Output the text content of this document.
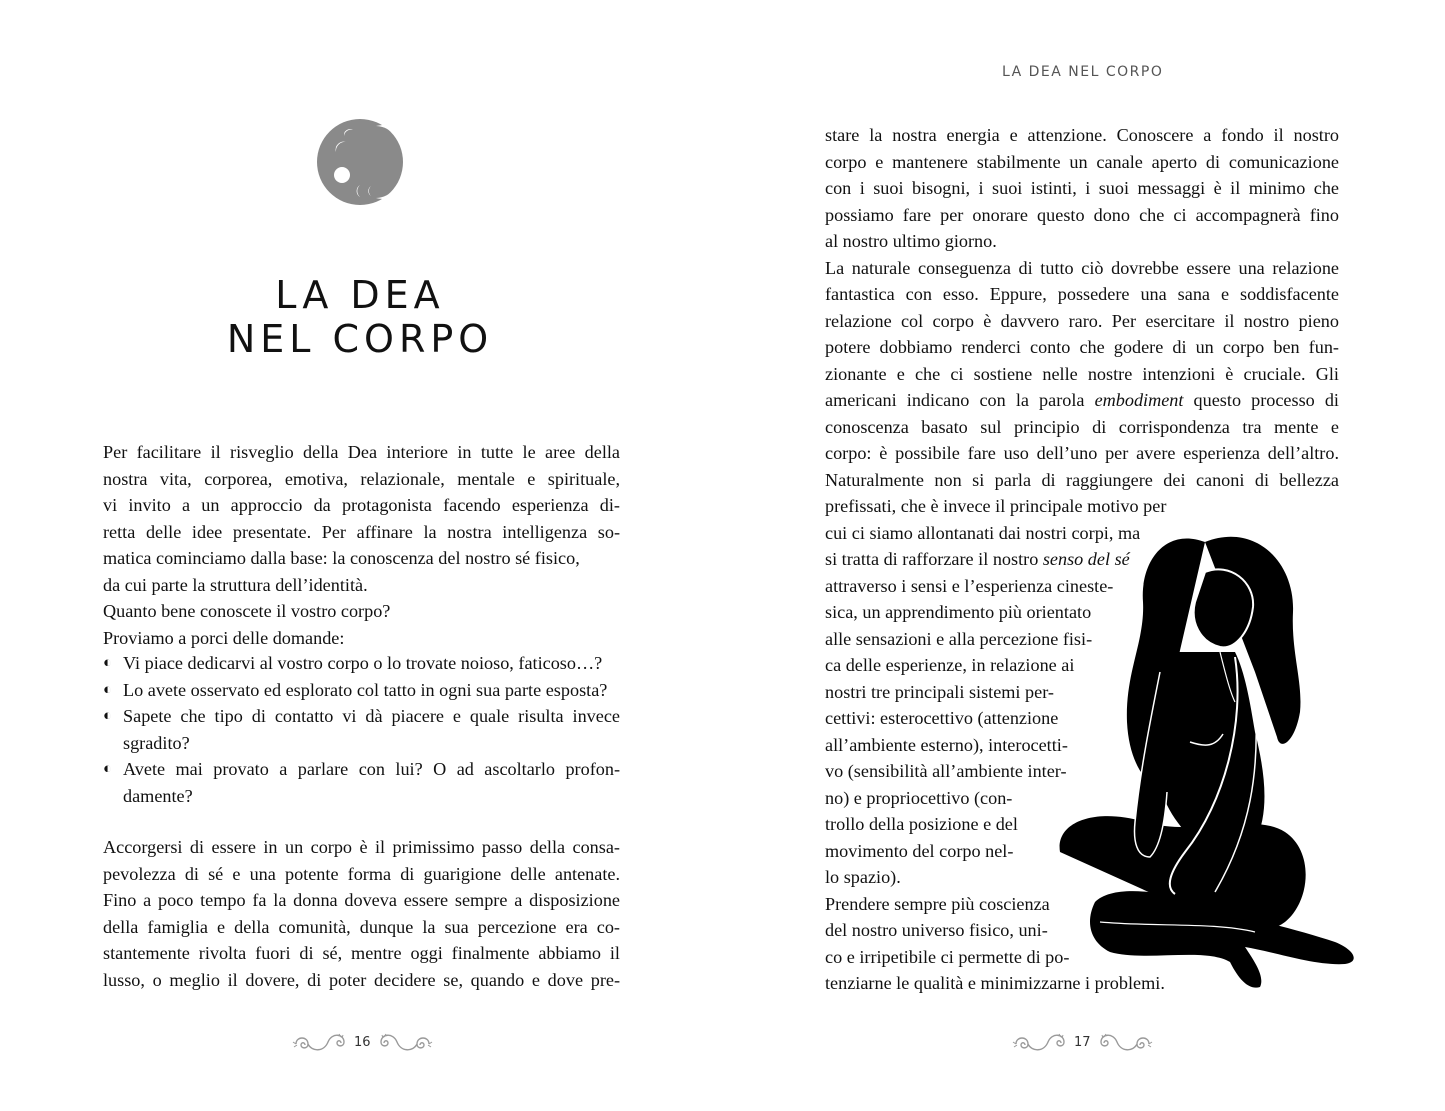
LA DEA
NEL CORPO
Per facilitare il risveglio della Dea interiore in tutte le aree della
nostra vita, corporea, emotiva, relazionale, mentale e spirituale,
vi invito a un approccio da protagonista facendo esperienza di-
retta delle idee presentate. Per affinare la nostra intelligenza so-
matica cominciamo dalla base: la conoscenza del nostro sé fisico,
da cui parte la struttura dell’identità.
Quanto bene conoscete il vostro corpo?
Proviamo a porci delle domande:
◐ Vi piace dedicarvi al vostro corpo o lo trovate noioso, faticoso…?
◐ Lo avete osservato ed esplorato col tatto in ogni sua parte esposta?
◐ Sapete che tipo di contatto vi dà piacere e quale risulta invece
sgradito?
◐ Avete mai provato a parlare con lui? O ad ascoltarlo profon-
damente?
Accorgersi di essere in un corpo è il primissimo passo della consa-
pevolezza di sé e una potente forma di guarigione delle antenate.
Fino a poco tempo fa la donna doveva essere sempre a disposizione
della famiglia e della comunità, dunque la sua percezione era co-
stantemente rivolta fuori di sé, mentre oggi finalmente abbiamo il
lusso, o meglio il dovere, di poter decidere se, quando e dove pre-
16
LA DEA NEL CORPO
stare la nostra energia e attenzione. Conoscere a fondo il nostro
corpo e mantenere stabilmente un canale aperto di comunicazione
con i suoi bisogni, i suoi istinti, i suoi messaggi è il minimo che
possiamo fare per onorare questo dono che ci accompagnerà fino
al nostro ultimo giorno.
La naturale conseguenza di tutto ciò dovrebbe essere una relazione
fantastica con esso. Eppure, possedere una sana e soddisfacente
relazione col corpo è davvero raro. Per esercitare il nostro pieno
potere dobbiamo renderci conto che godere di un corpo ben fun-
zionante e che ci sostiene nelle nostre intenzioni è cruciale. Gli
americani indicano con la parola embodiment questo processo di
conoscenza basato sul principio di corrispondenza tra mente e
corpo: è possibile fare uso dell’uno per avere esperienza dell’altro.
Naturalmente non si parla di raggiungere dei canoni di bellezza
prefissati, che è invece il principale motivo per
cui ci siamo allontanati dai nostri corpi, ma
si tratta di rafforzare il nostro senso del sé
attraverso i sensi e l’esperienza cineste-
sica, un apprendimento più orientato
alle sensazioni e alla percezione fisi-
ca delle esperienze, in relazione ai
nostri tre principali sistemi per-
cettivi: esterocettivo (attenzione
all’ambiente esterno), interocetti-
vo (sensibilità all’ambiente inter-
no) e propriocettivo (con-
trollo della posizione e del
movimento del corpo nel-
lo spazio).
Prendere sempre più coscienza
del nostro universo fisico, uni-
co e irripetibile ci permette di po-
tenziarne le qualità e minimizzarne i problemi.
17
